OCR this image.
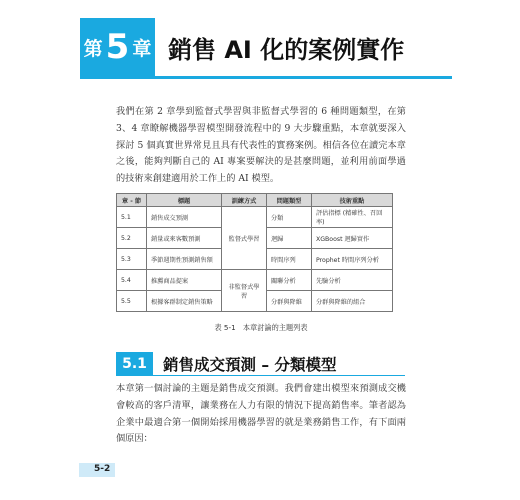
第 5 章 銷售 AI 化的案例實作

我們在第 2 章學到監督式學習與非監督式學習的 6 種問題類型，在第 3、4 章瞭解機器學習模型開發流程中的 9 大步驟重點，本章就要深入探討 5 個真實世界常見且具有代表性的實務案例。相信各位在讀完本章之後，能夠判斷自己的 AI 專案要解決的是甚麼問題，並利用前面學過的技術來創建適用於工作上的 AI 模型。

章 - 節	標題	訓練方式	問題類型	技術重點
5.1	銷售成交預測	監督式學習	分類	評估指標 (精確性、召回率)
5.2	銷量或來客數預測		迴歸	XGBoost 迴歸實作
5.3	季節週期性預測銷售額		時間序列	Prophet 時間序列分析
5.4	推薦商品提案	非監督式學習	關聯分析	先驗分析
5.5	根據客群制定銷售策略		分群與降維	分群與降維的組合
表 5-1　本章討論的主題列表
5.1 銷售成交預測 – 分類模型

本章第一個討論的主題是銷售成交預測。我們會建出模型來預測成交機會較高的客戶清單，讓業務在人力有限的情況下提高銷售率。筆者認為企業中最適合第一個開始採用機器學習的就是業務銷售工作，有下面兩個原因：

5-2
